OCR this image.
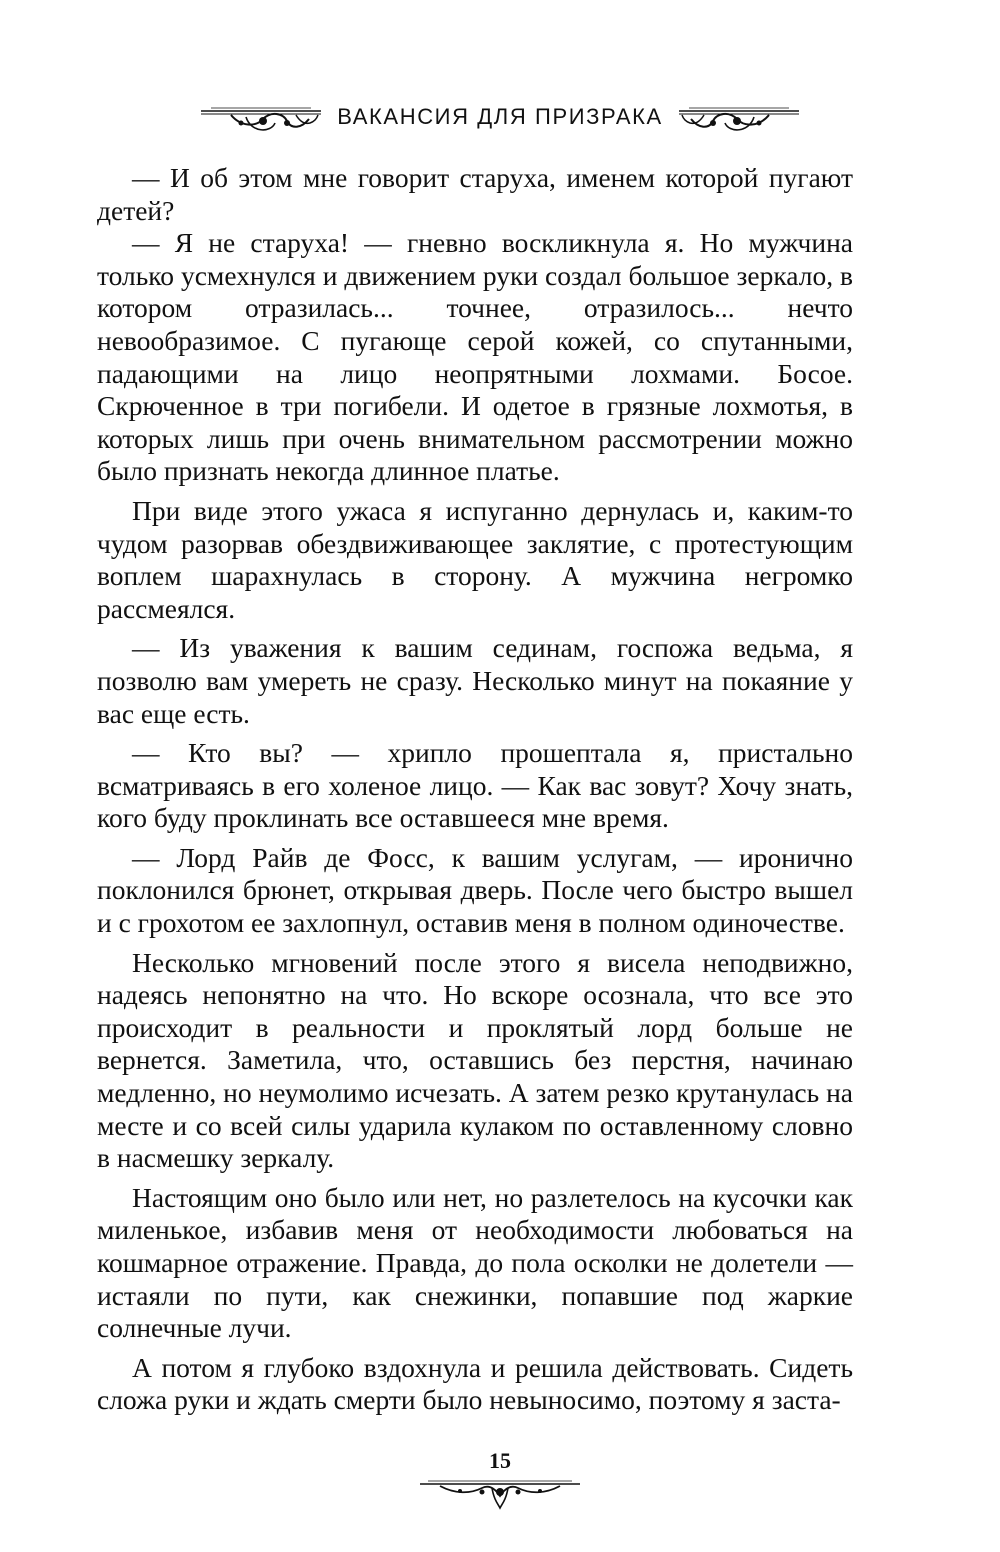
ВАКАНСИЯ ДЛЯ ПРИЗРАКА

— И об этом мне говорит старуха, именем которой пугают детей?

— Я не старуха! — гневно воскликнула я. Но мужчина только усмехнулся и движением руки создал большое зеркало, в котором отразилась... точнее, отразилось... нечто невообразимое. С пугающе серой кожей, со спутанными, падающими на лицо неопрятными лохмами. Босое. Скрюченное в три погибели. И одетое в грязные лохмотья, в которых лишь при очень внимательном рассмотрении можно было признать некогда длинное платье.

При виде этого ужаса я испуганно дернулась и, каким-то чудом разорвав обездвиживающее заклятие, с протестующим воплем шарахнулась в сторону. А мужчина негромко рассмеялся.

— Из уважения к вашим сединам, госпожа ведьма, я позволю вам умереть не сразу. Несколько минут на покаяние у вас еще есть.

— Кто вы? — хрипло прошептала я, пристально всматриваясь в его холеное лицо. — Как вас зовут? Хочу знать, кого буду проклинать все оставшееся мне время.

— Лорд Райв де Фосс, к вашим услугам, — иронично поклонился брюнет, открывая дверь. После чего быстро вышел и с грохотом ее захлопнул, оставив меня в полном одиночестве.

Несколько мгновений после этого я висела неподвижно, надеясь непонятно на что. Но вскоре осознала, что все это происходит в реальности и проклятый лорд больше не вернется. Заметила, что, оставшись без перстня, начинаю медленно, но неумолимо исчезать. А затем резко крутанулась на месте и со всей силы ударила кулаком по оставленному словно в насмешку зеркалу.

Настоящим оно было или нет, но разлетелось на кусочки как миленькое, избавив меня от необходимости любоваться на кошмарное отражение. Правда, до пола осколки не долетели — истаяли по пути, как снежинки, попавшие под жаркие солнечные лучи.

А потом я глубоко вздохнула и решила действовать. Сидеть сложа руки и ждать смерти было невыносимо, поэтому я заста-

15
